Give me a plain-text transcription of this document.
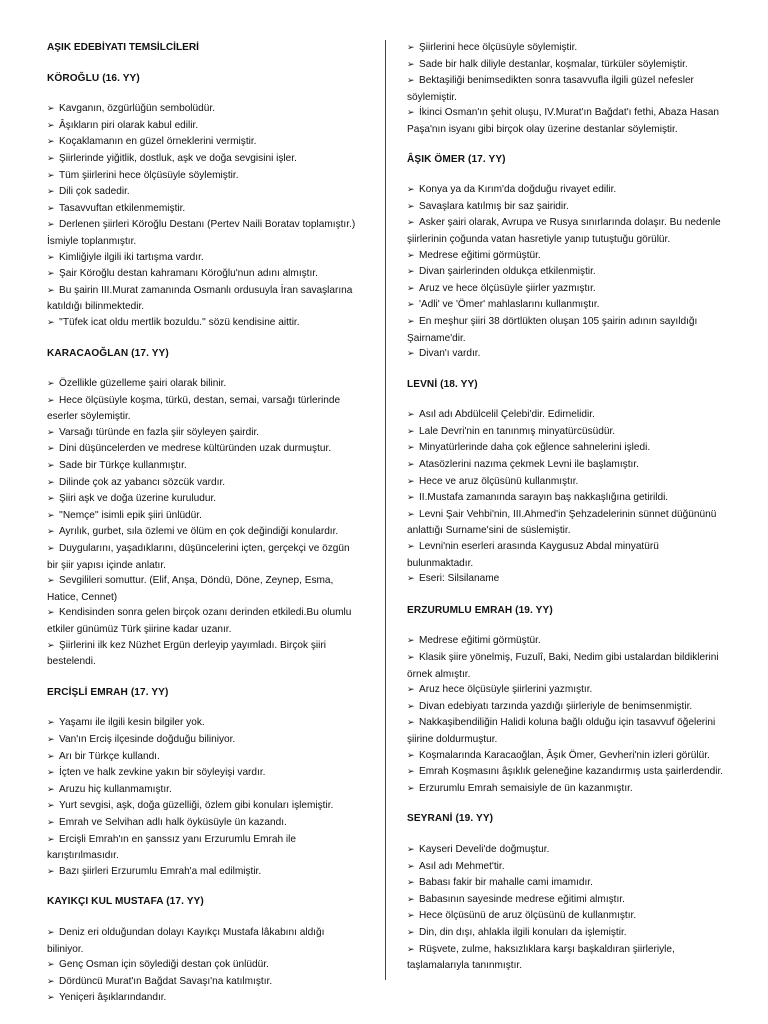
AŞIK EDEBİYATI TEMSİLCİLERİ
KÖROĞLU (16. YY)
➢ Kavganın, özgürlüğün sembolüdür.
➢ Âşıkların piri olarak kabul edilir.
➢ Koçaklamanın en güzel örneklerini vermiştir.
➢ Şiirlerinde yiğitlik, dostluk, aşk ve doğa sevgisini işler.
➢ Tüm şiirlerini hece ölçüsüyle söylemiştir.
➢ Dili çok sadedir.
➢ Tasavvuftan etkilenmemiştir.
➢ Derlenen şiirleri Köroğlu Destanı (Pertev Naili Boratav toplamıştır.) İsmiyle toplanmıştır.
➢ Kimliğiyle ilgili iki tartışma vardır.
➢ Şair Köroğlu destan kahramanı Köroğlu'nun adını almıştır.
➢ Bu şairin III.Murat zamanında Osmanlı ordusuyla İran savaşlarına katıldığı bilinmektedir.
➢ ''Tüfek icat oldu mertlik bozuldu.'' sözü kendisine aittir.
KARACAOĞLAN (17. YY)
➢ Özellikle güzelleme şairi olarak bilinir.
➢ Hece ölçüsüyle koşma, türkü, destan, semai, varsağı türlerinde eserler söylemiştir.
➢ Varsağı türünde en fazla şiir söyleyen şairdir.
➢ Dini düşüncelerden ve medrese kültüründen uzak durmuştur.
➢ Sade bir Türkçe kullanmıştır.
➢ Dilinde çok az yabancı sözcük vardır.
➢ Şiiri aşk ve doğa üzerine kuruludur.
➢ ''Nemçe'' isimli epik şiiri ünlüdür.
➢ Ayrılık, gurbet, sıla özlemi ve ölüm en çok değindiği konulardır.
➢ Duygularını, yaşadıklarını, düşüncelerini içten, gerçekçi ve özgün bir şiir yapısı içinde anlatır.
➢ Sevgilileri somuttur. (Elif, Anşa, Döndü, Döne, Zeynep, Esma, Hatice, Cennet)
➢ Kendisinden sonra gelen birçok ozanı derinden etkiledi.Bu olumlu etkiler günümüz Türk şiirine kadar uzanır.
➢ Şiirlerini ilk kez Nüzhet Ergün derleyip yayımladı. Birçok şiiri bestelendi.
ERCİŞLİ EMRAH (17. YY)
➢ Yaşamı ile ilgili kesin bilgiler yok.
➢ Van'ın Erciş ilçesinde doğduğu biliniyor.
➢ Arı bir Türkçe kullandı.
➢ İçten ve halk zevkine yakın bir söyleyişi vardır.
➢ Aruzu hiç kullanmamıştır.
➢ Yurt sevgisi, aşk, doğa güzelliği, özlem gibi konuları işlemiştir.
➢ Emrah ve Selvihan adlı halk öyküsüyle ün kazandı.
➢ Ercişli Emrah'ın en şanssız yanı Erzurumlu Emrah ile karıştırılmasıdır.
➢ Bazı şiirleri Erzurumlu Emrah'a mal edilmiştir.
KAYIKÇI KUL MUSTAFA (17. YY)
➢ Deniz eri olduğundan dolayı Kayıkçı Mustafa lâkabını aldığı biliniyor.
➢ Genç Osman için söylediği destan çok ünlüdür.
➢ Dördüncü Murat'ın Bağdat Savaşı'na katılmıştır.
➢ Yeniçeri âşıklarındandır.
➢ Şiirlerini hece ölçüsüyle söylemiştir.
➢ Sade bir halk diliyle destanlar, koşmalar, türküler söylemiştir.
➢ Bektaşiliği benimsedikten sonra tasavvufla ilgili güzel nefesler söylemiştir.
➢ İkinci Osman'ın şehit oluşu, IV.Murat'ın Bağdat'ı fethi, Abaza Hasan Paşa'nın isyanı gibi birçok olay üzerine destanlar söylemiştir.
ÂŞIK ÖMER (17. YY)
➢ Konya ya da Kırım'da doğduğu rivayet edilir.
➢ Savaşlara katılmış bir saz şairidir.
➢ Asker şairi olarak, Avrupa ve Rusya sınırlarında dolaşır. Bu nedenle şiirlerinin çoğunda vatan hasretiyle yanıp tutuştuğu görülür.
➢ Medrese eğitimi görmüştür.
➢ Divan şairlerinden oldukça etkilenmiştir.
➢ Aruz ve hece ölçüsüyle şiirler yazmıştır.
➢ 'Adli' ve 'Ömer' mahlaslarını kullanmıştır.
➢ En meşhur şiiri 38 dörtlükten oluşan 105 şairin adının sayıldığı Şairname'dir.
➢ Divan'ı vardır.
LEVNİ (18. YY)
➢ Asıl adı Abdülcelil Çelebi'dir. Edirnelidir.
➢ Lale Devri'nin en tanınmış minyatürcüsüdür.
➢ Minyatürlerinde daha çok eğlence sahnelerini işledi.
➢ Atasözlerini nazıma çekmek Levni ile başlamıştır.
➢ Hece ve aruz ölçüsünü kullanmıştır.
➢ II.Mustafa zamanında sarayın baş nakkaşlığına getirildi.
➢ Levni Şair Vehbi'nin, III.Ahmed'in Şehzadelerinin sünnet düğününü anlattığı Surname'sini de süslemiştir.
➢ Levni'nin eserleri arasında Kaygusuz Abdal minyatürü bulunmaktadır.
➢ Eseri: Silsilaname
ERZURUMLU EMRAH (19. YY)
➢ Medrese eğitimi görmüştür.
➢ Klasik şiire yönelmiş, Fuzulî, Baki, Nedim gibi ustalardan bildiklerini örnek almıştır.
➢ Aruz hece ölçüsüyle şiirlerini yazmıştır.
➢ Divan edebiyatı tarzında yazdığı şiirleriyle de benimsenmiştir.
➢ Nakkaşibendiliğin Halidi koluna bağlı olduğu için tasavvuf öğelerini şiirine doldurmuştur.
➢ Koşmalarında Karacaoğlan, Âşık Ömer, Gevheri'nin izleri görülür.
➢ Emrah Koşmasını âşıklık geleneğine kazandırmış usta şairlerdendir.
➢ Erzurumlu Emrah semaisiyle de ün kazanmıştır.
SEYRANİ (19. YY)
➢ Kayseri Develi'de doğmuştur.
➢ Asıl adı Mehmet'tir.
➢ Babası fakir bir mahalle cami imamıdır.
➢ Babasının sayesinde medrese eğitimi almıştır.
➢ Hece ölçüsünü de aruz ölçüsünü de kullanmıştır.
➢ Din, din dışı, ahlakla ilgili konuları da işlemiştir.
➢ Rüşvete, zulme, haksızlıklara karşı başkaldıran şiirleriyle, taşlamalarıyla tanınmıştır.
